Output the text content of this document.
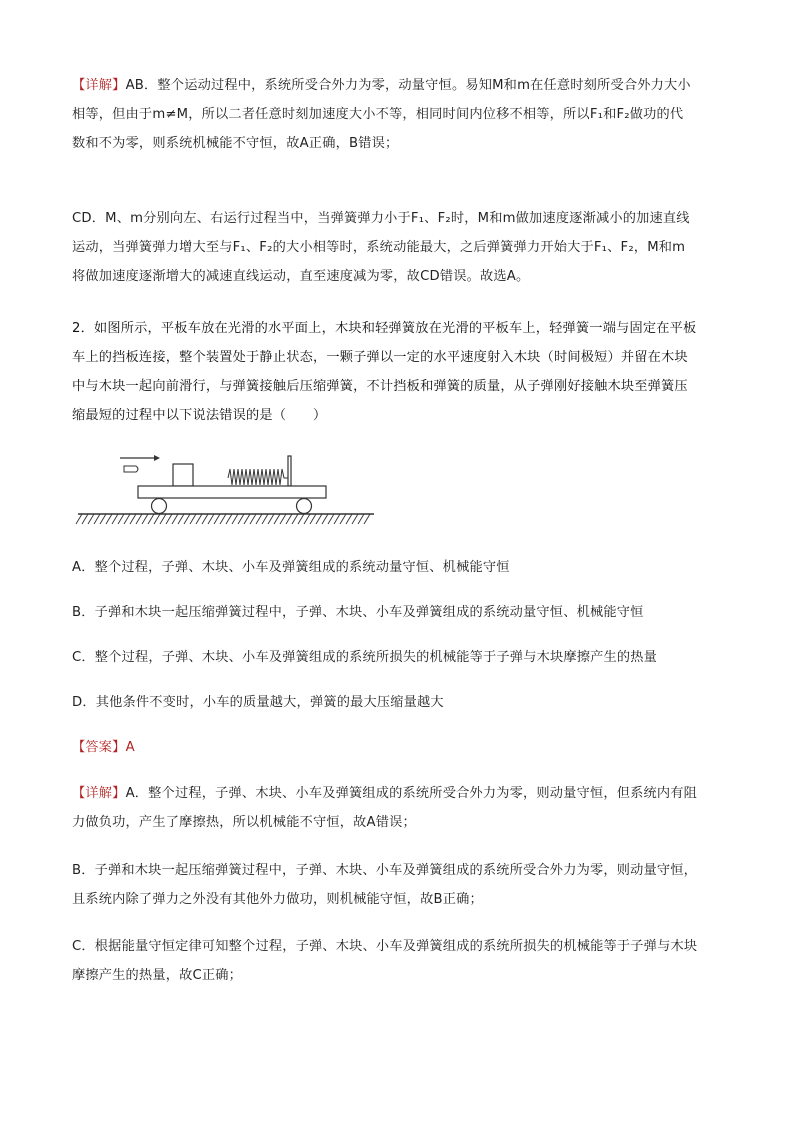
【详解】AB．整个运动过程中，系统所受合外力为零，动量守恒。易知M和m在任意时刻所受合外力大小
相等，但由于m≠M，所以二者任意时刻加速度大小不等，相同时间内位移不相等，所以F₁和F₂做功的代
数和不为零，则系统机械能不守恒，故A正确，B错误；
CD．M、m分别向左、右运行过程当中，当弹簧弹力小于F₁、F₂时，M和m做加速度逐渐减小的加速直线
运动，当弹簧弹力增大至与F₁、F₂的大小相等时，系统动能最大，之后弹簧弹力开始大于F₁、F₂，M和m
将做加速度逐渐增大的减速直线运动，直至速度减为零，故CD错误。故选A。
2．如图所示，平板车放在光滑的水平面上，木块和轻弹簧放在光滑的平板车上，轻弹簧一端与固定在平板
车上的挡板连接，整个装置处于静止状态，一颗子弹以一定的水平速度射入木块（时间极短）并留在木块
中与木块一起向前滑行，与弹簧接触后压缩弹簧，不计挡板和弹簧的质量，从子弹刚好接触木块至弹簧压
缩最短的过程中以下说法错误的是（　　）
A．整个过程，子弹、木块、小车及弹簧组成的系统动量守恒、机械能守恒
B．子弹和木块一起压缩弹簧过程中，子弹、木块、小车及弹簧组成的系统动量守恒、机械能守恒
C．整个过程，子弹、木块、小车及弹簧组成的系统所损失的机械能等于子弹与木块摩擦产生的热量
D．其他条件不变时，小车的质量越大，弹簧的最大压缩量越大
【答案】A
【详解】A．整个过程，子弹、木块、小车及弹簧组成的系统所受合外力为零，则动量守恒，但系统内有阻
力做负功，产生了摩擦热，所以机械能不守恒，故A错误；
B．子弹和木块一起压缩弹簧过程中，子弹、木块、小车及弹簧组成的系统所受合外力为零，则动量守恒，
且系统内除了弹力之外没有其他外力做功，则机械能守恒，故B正确；
C．根据能量守恒定律可知整个过程，子弹、木块、小车及弹簧组成的系统所损失的机械能等于子弹与木块
摩擦产生的热量，故C正确；
